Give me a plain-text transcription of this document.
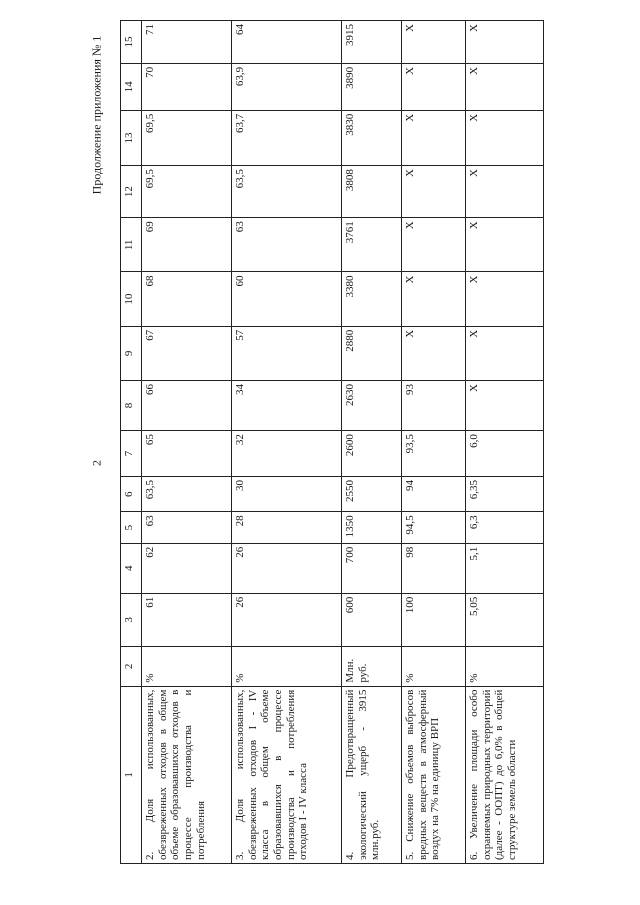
2
Продолжение приложения № 1
1	2	3	4	5	6	7	8	9	10	11	12	13	14	15
2. Доля использованных, обезвреженных отходов в общем объеме образовавшихся отходов в процессе производства и потребления	%	61	62	63	63,5	65	66	67	68	69	69,5	69,5	70	71
3. Доля использованных, обезвреженных отходов I - IV класса в общем объеме образовавшихся в процессе производства и потребления отходов I - IV класса	%	26	26	28	30	32	34	57	60	63	63,5	63,7	63,9	64
4. Предотвращенный экологический ущерб - 3915 млн.руб.	Млн. руб.	600	700	1350	2550	2600	2630	2880	3380	3761	3808	3830	3890	3915
5. Снижение объемов выбросов вредных веществ в атмосферный воздух на 7% на единицу ВРП	%	100	98	94,5	94	93,5	93	X	X	X	X	X	X	X
6. Увеличение площади особо охраняемых природных территорий (далее - ООПТ) до 6,0% в общей структуре земель области	%	5,05	5,1	6,3	6,35	6,0	X	X	X	X	X	X	X	X
